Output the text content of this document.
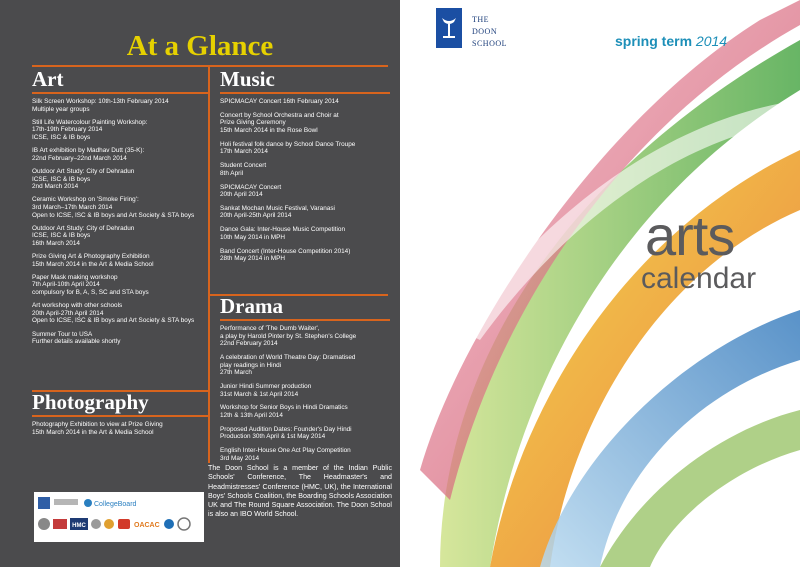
At a Glance
Art
Silk Screen Workshop: 10th-13th February 2014
Multiple year groups
Still Life Watercolour Painting Workshop:
17th-19th February 2014
ICSE, ISC & IB boys
IB Art exhibition by Madhav Dutt (35-K):
22nd February–22nd March 2014
Outdoor Art Study: City of Dehradun
ICSE, ISC & IB boys
2nd March 2014
Ceramic Workshop on 'Smoke Firing':
3rd March–17th March 2014
Open to ICSE, ISC & IB boys and Art Society & STA boys
Outdoor Art Study: City of Dehradun
ICSE, ISC & IB boys
16th March 2014
Prize Giving Art & Photography Exhibition
15th March 2014 in the Art & Media School
Paper Mask making workshop
7th April-10th April 2014
compulsory for B, A, S, SC and STA boys
Art workshop with other schools
20th April-27th April 2014
Open to ICSE, ISC & IB boys and Art Society & STA boys
Summer Tour to USA
Further details available shortly
Music
SPICMACAY Concert 16th February 2014
Concert by School Orchestra and Choir at
Prize Giving Ceremony
15th March 2014 in the Rose Bowl
Holi festival folk dance by School Dance Troupe
17th March 2014
Student Concert
8th April
SPICMACAY Concert
20th April 2014
Sankat Mochan Music Festival, Varanasi
20th April-25th April 2014
Dance Gala: Inter-House Music Competition
10th May 2014 in MPH
Band Concert (Inter-House Competition 2014)
28th May 2014 in MPH
Drama
Performance of 'The Dumb Waiter',
a play by Harold Pinter by St. Stephen's College
22nd February 2014
A celebration of World Theatre Day: Dramatised
play readings in Hindi
27th March
Junior Hindi Summer production
31st March & 1st April 2014
Workshop for Senior Boys in Hindi Dramatics
12th & 13th April 2014
Proposed Audition Dates: Founder's Day Hindi
Production 30th April & 1st May 2014
English Inter-House One Act Play Competition
3rd May 2014
Photography
Photography Exhibition to view at Prize Giving
15th March 2014 in the Art & Media School
The Doon School is a member of the Indian Public Schools' Conference, The Headmaster's and Headmistresses' Conference (HMC, UK), the International Boys' Schools Coalition, the Boarding Schools Association UK and The Round Square Association. The Doon School is also an IBO World School.
CollegeBoard
HMC	OACAC
THE
DOON
SCHOOL	spring term 2014
arts
calendar
